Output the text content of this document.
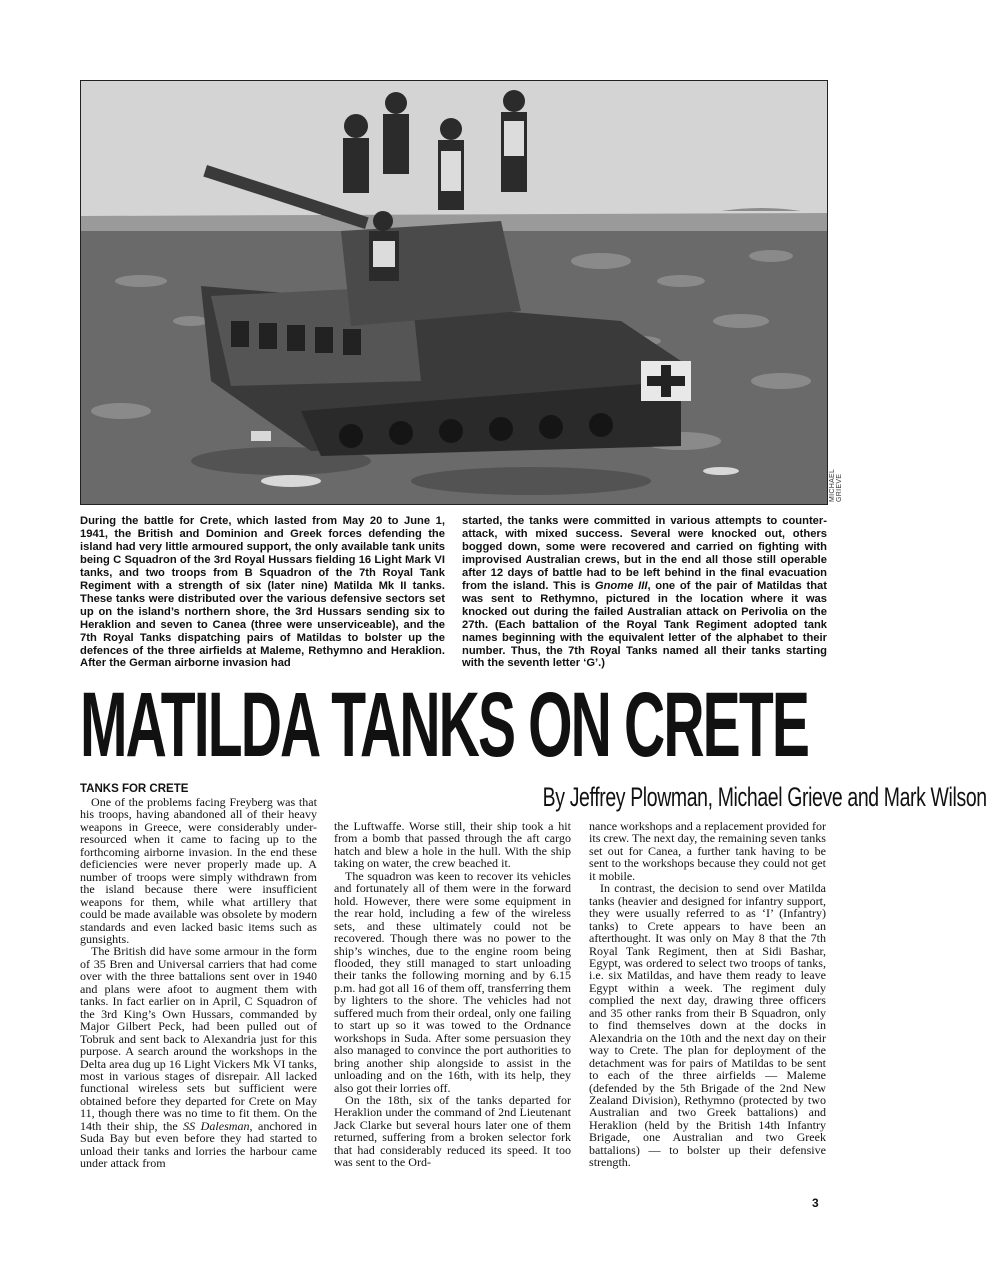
MICHAEL GRIEVE

During the battle for Crete, which lasted from May 20 to June 1, 1941, the British and Dominion and Greek forces defending the island had very little armoured support, the only available tank units being C Squadron of the 3rd Royal Hussars fielding 16 Light Mark VI tanks, and two troops from B Squadron of the 7th Royal Tank Regiment with a strength of six (later nine) Matilda Mk II tanks. These tanks were distributed over the various defensive sectors set up on the island’s northern shore, the 3rd Hussars sending six to Heraklion and seven to Canea (three were unserviceable), and the 7th Royal Tanks dispatching pairs of Matildas to bolster up the defences of the three airfields at Maleme, Rethymno and Heraklion. After the German airborne invasion had

started, the tanks were committed in various attempts to counter-attack, with mixed success. Several were knocked out, others bogged down, some were recovered and carried on fighting with improvised Australian crews, but in the end all those still operable after 12 days of battle had to be left behind in the final evacuation from the island. This is Gnome III, one of the pair of Matildas that was sent to Rethymno, pictured in the location where it was knocked out during the failed Australian attack on Perivolia on the 27th. (Each battalion of the Royal Tank Regiment adopted tank names beginning with the equivalent letter of the alphabet to their number. Thus, the 7th Royal Tanks named all their tanks starting with the seventh letter ‘G’.)

MATILDA TANKS ON CRETE
By Jeffrey Plowman, Michael Grieve and Mark Wilson
TANKS FOR CRETE

One of the problems facing Freyberg was that his troops, having abandoned all of their heavy weapons in Greece, were considerably under-resourced when it came to facing up to the forthcoming airborne invasion. In the end these deficiencies were never properly made up. A number of troops were simply withdrawn from the island because there were insufficient weapons for them, while what artillery that could be made available was obsolete by modern standards and even lacked basic items such as gunsights.

The British did have some armour in the form of 35 Bren and Universal carriers that had come over with the three battalions sent over in 1940 and plans were afoot to augment them with tanks. In fact earlier on in April, C Squadron of the 3rd King’s Own Hussars, commanded by Major Gilbert Peck, had been pulled out of Tobruk and sent back to Alexandria just for this purpose. A search around the workshops in the Delta area dug up 16 Light Vickers Mk VI tanks, most in various stages of disrepair. All lacked functional wireless sets but sufficient were obtained before they departed for Crete on May 11, though there was no time to fit them. On the 14th their ship, the SS Dalesman, anchored in Suda Bay but even before they had started to unload their tanks and lorries the harbour came under attack from

the Luftwaffe. Worse still, their ship took a hit from a bomb that passed through the aft cargo hatch and blew a hole in the hull. With the ship taking on water, the crew beached it.

The squadron was keen to recover its vehicles and fortunately all of them were in the forward hold. However, there were some equipment in the rear hold, including a few of the wireless sets, and these ultimately could not be recovered. Though there was no power to the ship’s winches, due to the engine room being flooded, they still managed to start unloading their tanks the following morning and by 6.15 p.m. had got all 16 of them off, transferring them by lighters to the shore. The vehicles had not suffered much from their ordeal, only one failing to start up so it was towed to the Ordnance workshops in Suda. After some persuasion they also managed to convince the port authorities to bring another ship alongside to assist in the unloading and on the 16th, with its help, they also got their lorries off.

On the 18th, six of the tanks departed for Heraklion under the command of 2nd Lieutenant Jack Clarke but several hours later one of them returned, suffering from a broken selector fork that had considerably reduced its speed. It too was sent to the Ord-

nance workshops and a replacement provided for its crew. The next day, the remaining seven tanks set out for Canea, a further tank having to be sent to the workshops because they could not get it mobile.

In contrast, the decision to send over Matilda tanks (heavier and designed for infantry support, they were usually referred to as ‘I’ (Infantry) tanks) to Crete appears to have been an afterthought. It was only on May 8 that the 7th Royal Tank Regiment, then at Sidi Bashar, Egypt, was ordered to select two troops of tanks, i.e. six Matildas, and have them ready to leave Egypt within a week. The regiment duly complied the next day, drawing three officers and 35 other ranks from their B Squadron, only to find themselves down at the docks in Alexandria on the 10th and the next day on their way to Crete. The plan for deployment of the detachment was for pairs of Matildas to be sent to each of the three airfields — Maleme (defended by the 5th Brigade of the 2nd New Zealand Division), Rethymno (protected by two Australian and two Greek battalions) and Heraklion (held by the British 14th Infantry Brigade, one Australian and two Greek battalions) — to bolster up their defensive strength.

3
